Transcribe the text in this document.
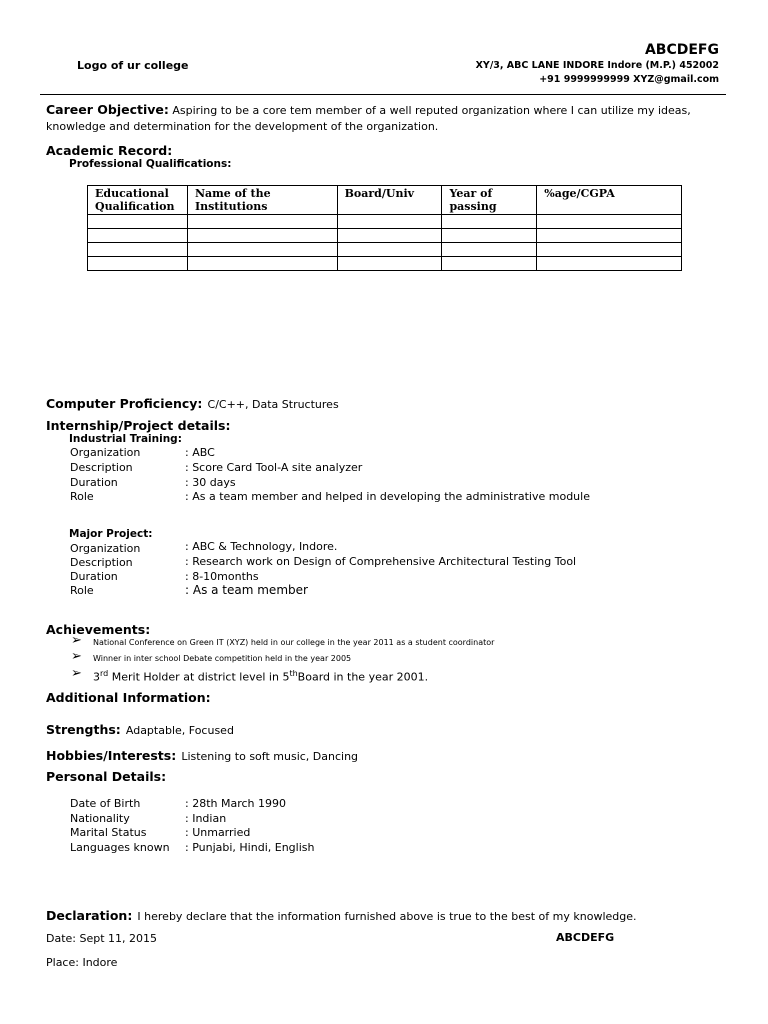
Logo of ur college
ABCDEFG
XY/3, ABC LANE INDORE Indore (M.P.) 452002
+91 9999999999 XYZ@gmail.com
Career Objective: Aspiring to be a core tem member of a well reputed organization where I can utilize my ideas, knowledge and determination for the development of the organization.
Academic Record:
Professional Qualifications:
Educational Qualification	Name of the Institutions	Board/Univ	Year of passing	%age/CGPA

Computer Proficiency: C/C++, Data Structures
Internship/Project details:
Industrial Training:
Organization	: ABC
Description	: Score Card Tool-A site analyzer
Duration	: 30 days
Role	: As a team member and helped in developing the administrative module
Major Project:
Organization	: ABC & Technology, Indore.
Description	: Research work on Design of Comprehensive Architectural Testing Tool
Duration	: 8-10months
Role	: As a team member
Achievements:
➢ National Conference on Green IT (XYZ) held in our college in the year 2011 as a student coordinator
➢ Winner in inter school Debate competition held in the year 2005
➢ 3rd Merit Holder at district level in 5thBoard in the year 2001.
Additional Information:
Strengths: Adaptable, Focused
Hobbies/Interests: Listening to soft music, Dancing
Personal Details:
Date of Birth	: 28th March 1990
Nationality	: Indian
Marital Status	: Unmarried
Languages known : Punjabi, Hindi, English
Declaration: I hereby declare that the information furnished above is true to the best of my knowledge.
Date: Sept 11, 2015	ABCDEFG
Place: Indore
